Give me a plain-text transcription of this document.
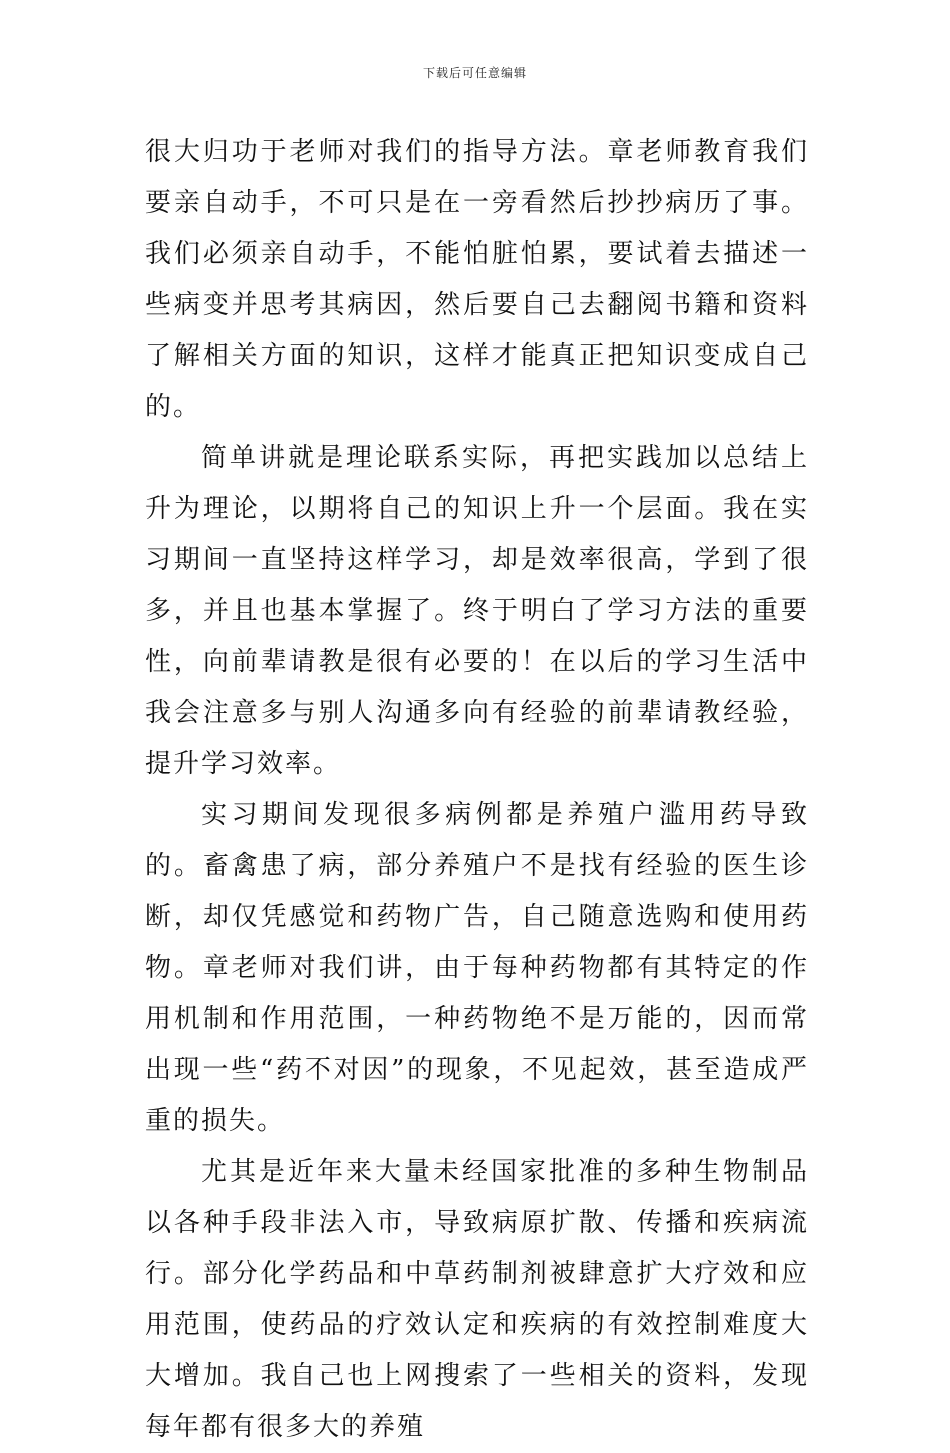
下载后可任意编辑

很大归功于老师对我们的指导方法。章老师教育我们要亲自动手，不可只是在一旁看然后抄抄病历了事。我们必须亲自动手，不能怕脏怕累，要试着去描述一些病变并思考其病因，然后要自己去翻阅书籍和资料了解相关方面的知识，这样才能真正把知识变成自己的。

简单讲就是理论联系实际，再把实践加以总结上升为理论，以期将自己的知识上升一个层面。我在实习期间一直坚持这样学习，却是效率很高，学到了很多，并且也基本掌握了。终于明白了学习方法的重要性，向前辈请教是很有必要的！在以后的学习生活中我会注意多与别人沟通多向有经验的前辈请教经验，提升学习效率。

实习期间发现很多病例都是养殖户滥用药导致的。畜禽患了病，部分养殖户不是找有经验的医生诊断，却仅凭感觉和药物广告，自己随意选购和使用药物。章老师对我们讲，由于每种药物都有其特定的作用机制和作用范围，一种药物绝不是万能的，因而常出现一些“药不对因”的现象，不见起效，甚至造成严重的损失。

尤其是近年来大量未经国家批准的多种生物制品以各种手段非法入市，导致病原扩散、传播和疾病流行。部分化学药品和中草药制剂被肆意扩大疗效和应用范围，使药品的疗效认定和疾病的有效控制难度大大增加。我自己也上网搜索了一些相关的资料，发现每年都有很多大的养殖
